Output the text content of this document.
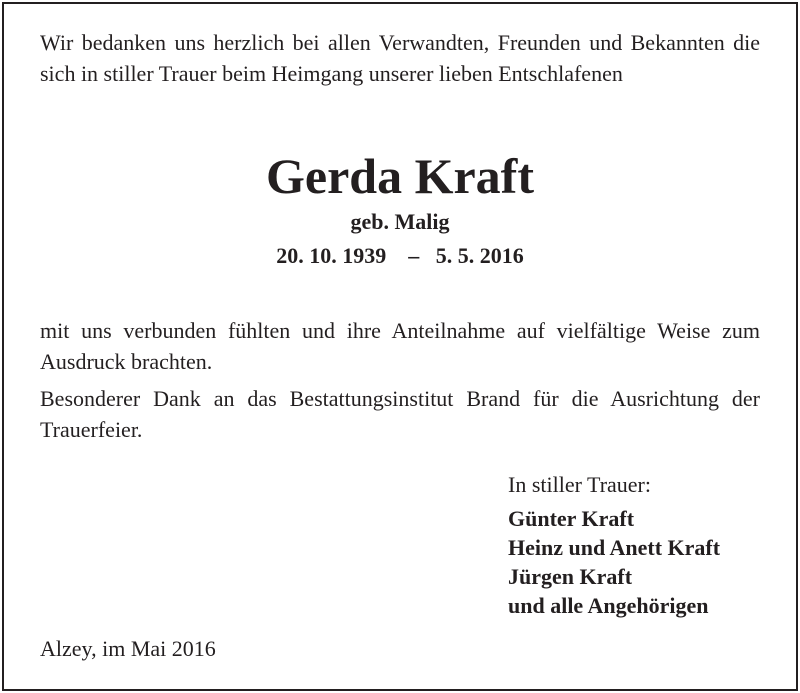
Wir bedanken uns herzlich bei allen Verwandten, Freunden und Bekannten die sich in stiller Trauer beim Heimgang unserer lieben Entschlafenen
Gerda Kraft
geb. Malig
20. 10. 1939    –   5. 5. 2016
mit uns verbunden fühlten und ihre Anteilnahme auf vielfältige Weise zum Ausdruck brachten.
Besonderer Dank an das Bestattungsinstitut Brand für die Ausrichtung der Trauerfeier.
In stiller Trauer:
Günter Kraft
Heinz und Anett Kraft
Jürgen Kraft
und alle Angehörigen
Alzey, im Mai 2016
